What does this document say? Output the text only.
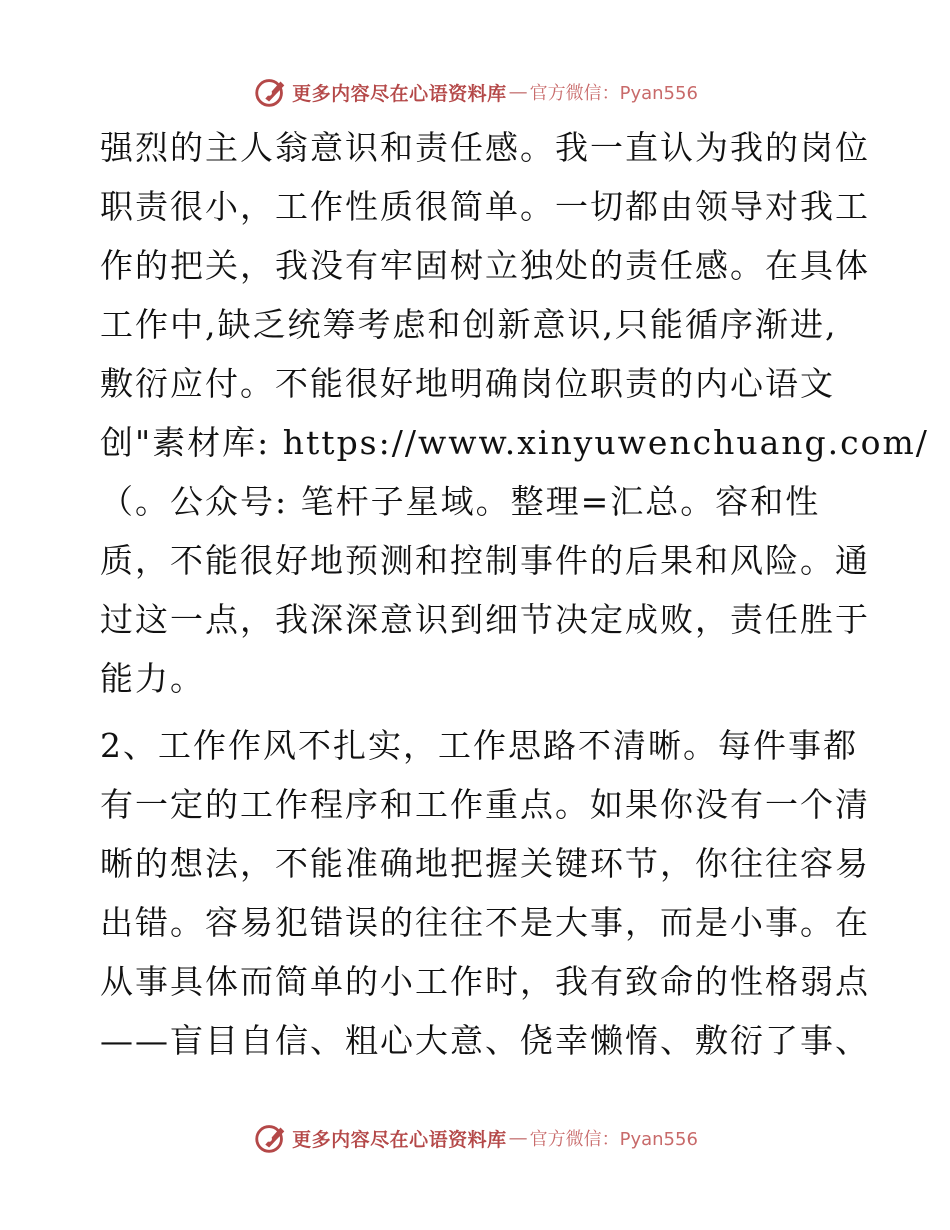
更多内容尽在心语资料库 — 官方微信：Pyan556
强烈的主人翁意识和责任感。我一直认为我的岗位
职责很小，工作性质很简单。一切都由领导对我工
作的把关，我没有牢固树立独处的责任感。在具体
工作中,缺乏统筹考虑和创新意识,只能循序渐进,
敷衍应付。不能很好地明确岗位职责的内心语文
创"素材库: https://www.xinyuwenchuang.com/
（。公众号: 笔杆子星域。整理=汇总。容和性
质，不能很好地预测和控制事件的后果和风险。通
过这一点，我深深意识到细节决定成败，责任胜于
能力。
2、工作作风不扎实，工作思路不清晰。每件事都
有一定的工作程序和工作重点。如果你没有一个清
晰的想法，不能准确地把握关键环节，你往往容易
出错。容易犯错误的往往不是大事，而是小事。在
从事具体而简单的小工作时，我有致命的性格弱点
——盲目自信、粗心大意、侥幸懒惰、敷衍了事、
更多内容尽在心语资料库 — 官方微信：Pyan556
